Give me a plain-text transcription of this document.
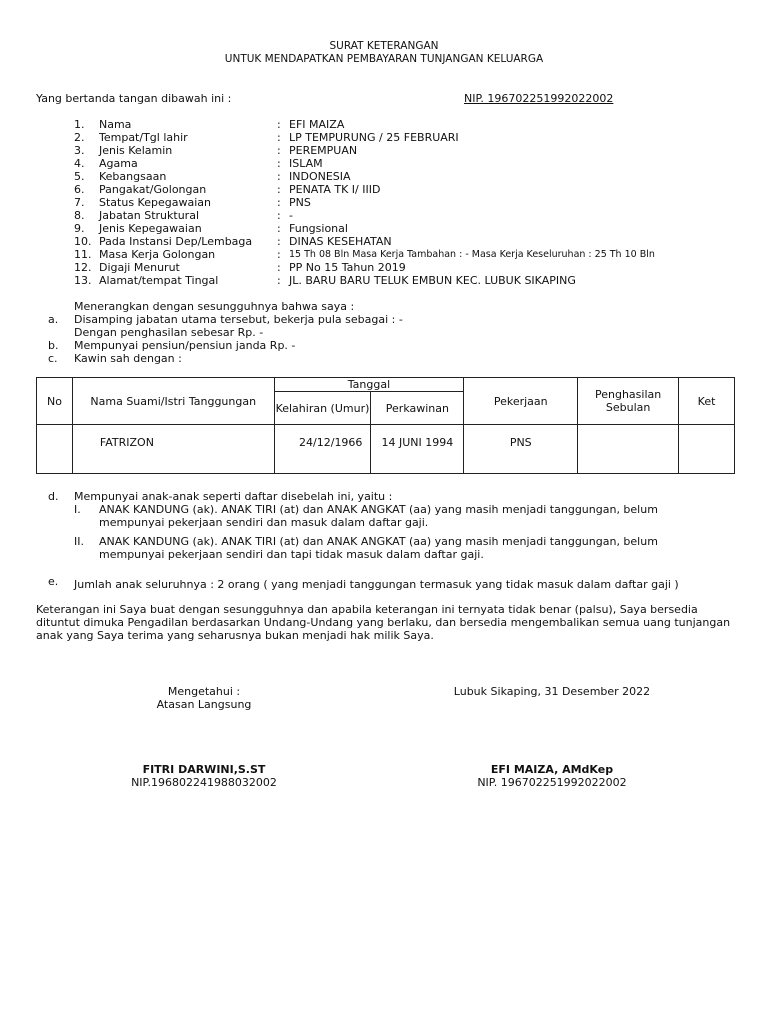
SURAT KETERANGAN
UNTUK MENDAPATKAN PEMBAYARAN TUNJANGAN KELUARGA
Yang bertanda tangan dibawah ini :	NIP. 196702251992022002
1.	Nama	: EFI MAIZA
2.	Tempat/Tgl lahir	: LP TEMPURUNG / 25 FEBRUARI
3.	Jenis Kelamin	: PEREMPUAN
4.	Agama	: ISLAM
5.	Kebangsaan	: INDONESIA
6.	Pangakat/Golongan	: PENATA TK I/ IIID
7.	Status Kepegawaian	: PNS
8.	Jabatan Struktural	: -
9.	Jenis Kepegawaian	: Fungsional
10. Pada Instansi Dep/Lembaga : DINAS KESEHATAN
11. Masa Kerja Golongan	: 15 Th 08 Bln Masa Kerja Tambahan : - Masa Kerja Keseluruhan : 25 Th 10 Bln
12. Digaji Menurut	: PP No 15 Tahun 2019
13. Alamat/tempat Tingal	: JL. BARU BARU TELUK EMBUN KEC. LUBUK SIKAPING
Menerangkan dengan sesungguhnya bahwa saya :
a. Disamping jabatan utama tersebut, bekerja pula sebagai : -
Dengan penghasilan sebesar Rp. -
b. Mempunyai pensiun/pensiun janda Rp. -
c. Kawin sah dengan :
No	Nama Suami/Istri Tanggungan	Tanggal		Pekerjaan	Penghasilan Sebulan	Ket
		Kelahiran (Umur)	Perkawinan			
	FATRIZON	24/12/1966	14 JUNI 1994	PNS		
d. Mempunyai anak-anak seperti daftar disebelah ini, yaitu :
I. ANAK KANDUNG (ak). ANAK TIRI (at) dan ANAK ANGKAT (aa) yang masih menjadi tanggungan, belum
mempunyai pekerjaan sendiri dan masuk dalam daftar gaji.
II. ANAK KANDUNG (ak). ANAK TIRI (at) dan ANAK ANGKAT (aa) yang masih menjadi tanggungan, belum
mempunyai pekerjaan sendiri dan tapi tidak masuk dalam daftar gaji.
e. Jumlah anak seluruhnya : 2 orang ( yang menjadi tanggungan termasuk yang tidak masuk dalam daftar gaji )
Keterangan ini Saya buat dengan sesungguhnya dan apabila keterangan ini ternyata tidak benar (palsu), Saya bersedia
dituntut dimuka Pengadilan berdasarkan Undang-Undang yang berlaku, dan bersedia mengembalikan semua uang tunjangan
anak yang Saya terima yang seharusnya bukan menjadi hak milik Saya.
Mengetahui :
Atasan Langsung
Lubuk Sikaping, 31 Desember 2022
FITRI DARWINI,S.ST
NIP.196802241988032002
EFI MAIZA, AMdKep
NIP. 196702251992022002
